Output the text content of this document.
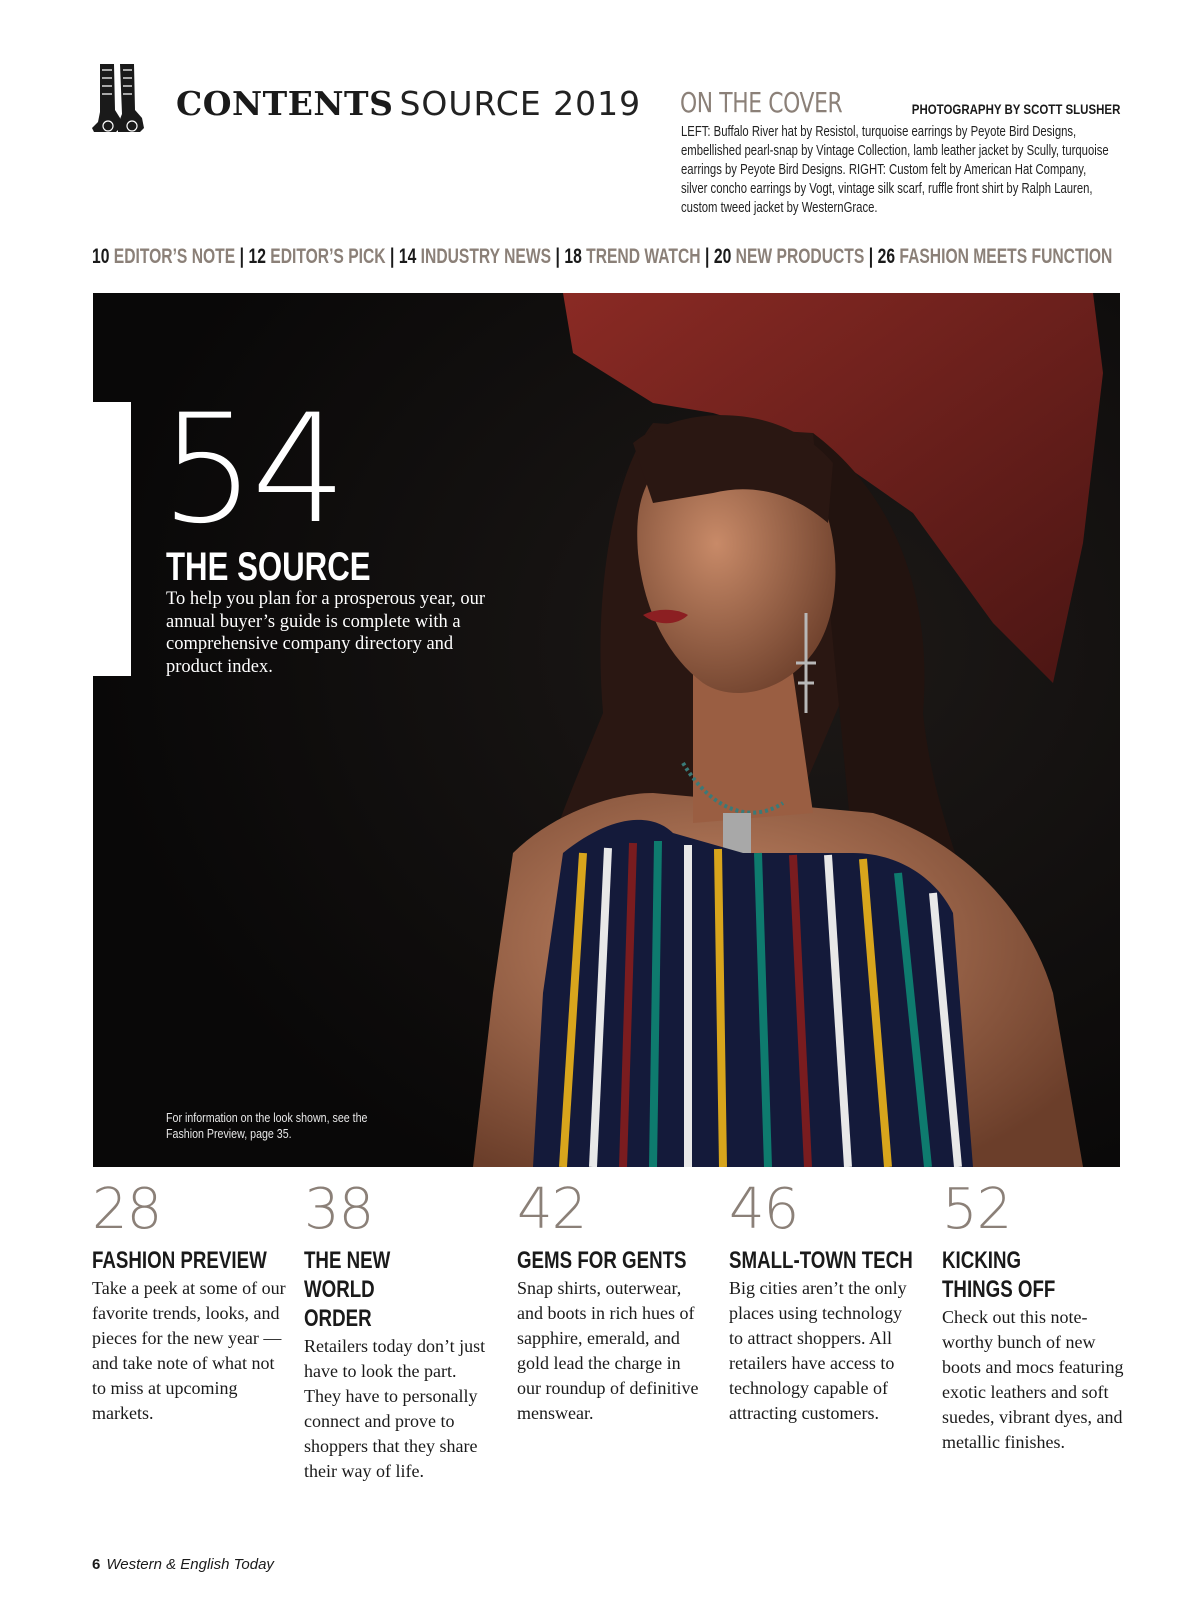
CONTENTS SOURCE 2019 ON THE COVER	PHOTOGRAPHY BY SCOTT SLUSHER
LEFT: Buffalo River hat by Resistol, turquoise earrings by Peyote Bird Designs, embellished pearl-snap by Vintage Collection, lamb leather jacket by Scully, turquoise earrings by Peyote Bird Designs. RIGHT: Custom felt by American Hat Company, silver concho earrings by Vogt, vintage silk scarf, ruffle front shirt by Ralph Lauren, custom tweed jacket by WesternGrace.
10 EDITOR’S NOTE | 12 EDITOR’S PICK | 14 INDUSTRY NEWS | 18 TREND WATCH | 20 NEW PRODUCTS | 26 FASHION MEETS FUNCTION
54
THE SOURCE
To help you plan for a prosperous year, our annual buyer’s guide is complete with a comprehensive company directory and product index.
For information on the look shown, see the Fashion Preview, page 35.
28
FASHION PREVIEW
Take a peek at some of our favorite trends, looks, and pieces for the new year — and take note of what not to miss at upcoming markets.
38
THE NEW WORLD ORDER
Retailers today don’t just have to look the part. They have to personally connect and prove to shoppers that they share their way of life.
42
GEMS FOR GENTS
Snap shirts, outerwear, and boots in rich hues of sapphire, emerald, and gold lead the charge in our roundup of definitive menswear.
46
SMALL-TOWN TECH
Big cities aren’t the only places using technology to attract shoppers. All retailers have access to technology capable of attracting customers.
52
KICKING THINGS OFF
Check out this note-worthy bunch of new boots and mocs featuring exotic leathers and soft suedes, vibrant dyes, and metallic finishes.
6 Western & English Today
